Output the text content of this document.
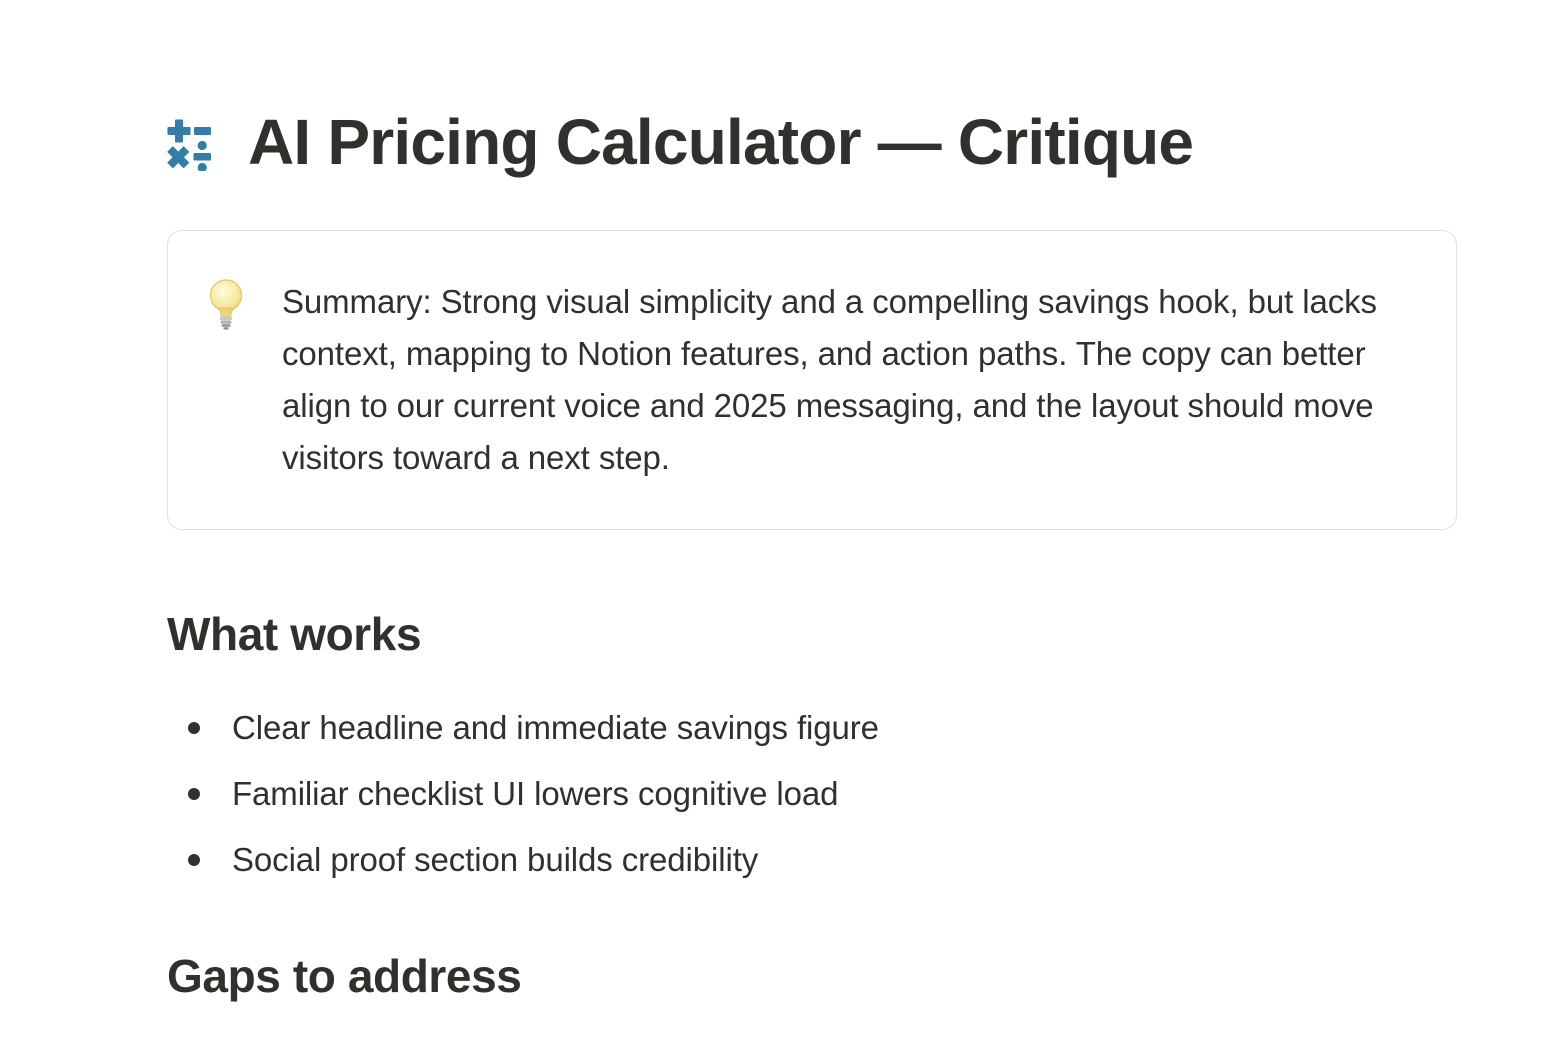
AI Pricing Calculator — Critique
Summary: Strong visual simplicity and a compelling savings hook, but lacks context, mapping to Notion features, and action paths. The copy can better align to our current voice and 2025 messaging, and the layout should move visitors toward a next step.
What works
Clear headline and immediate savings figure
Familiar checklist UI lowers cognitive load
Social proof section builds credibility
Gaps to address
